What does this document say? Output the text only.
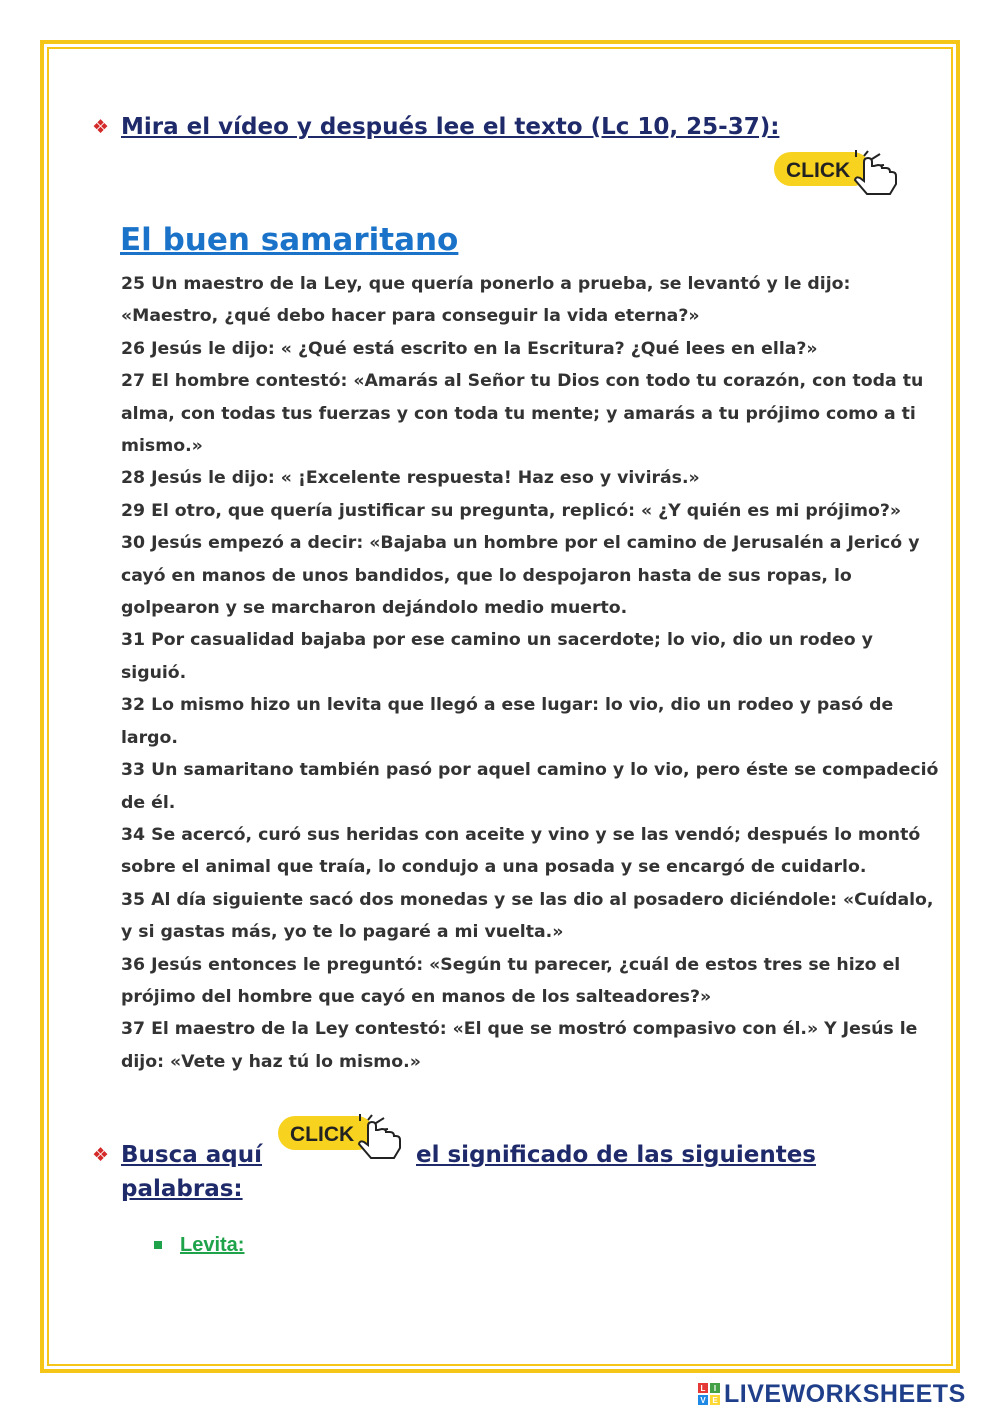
❖ Mira el vídeo y después lee el texto (Lc 10, 25-37):
CLICK
El buen samaritano

25 Un maestro de la Ley, que quería ponerlo a prueba, se levantó y le dijo: «Maestro, ¿qué debo hacer para conseguir la vida eterna?»

26 Jesús le dijo: « ¿Qué está escrito en la Escritura? ¿Qué lees en ella?»

27 El hombre contestó: «Amarás al Señor tu Dios con todo tu corazón, con toda tu alma, con todas tus fuerzas y con toda tu mente; y amarás a tu prójimo como a ti mismo.»

28 Jesús le dijo: « ¡Excelente respuesta! Haz eso y vivirás.»

29 El otro, que quería justificar su pregunta, replicó: « ¿Y quién es mi prójimo?»

30 Jesús empezó a decir: «Bajaba un hombre por el camino de Jerusalén a Jericó y cayó en manos de unos bandidos, que lo despojaron hasta de sus ropas, lo golpearon y se marcharon dejándolo medio muerto.

31 Por casualidad bajaba por ese camino un sacerdote; lo vio, dio un rodeo y siguió.

32 Lo mismo hizo un levita que llegó a ese lugar: lo vio, dio un rodeo y pasó de largo.

33 Un samaritano también pasó por aquel camino y lo vio, pero éste se compadeció de él.

34 Se acercó, curó sus heridas con aceite y vino y se las vendó; después lo montó sobre el animal que traía, lo condujo a una posada y se encargó de cuidarlo.

35 Al día siguiente sacó dos monedas y se las dio al posadero diciéndole: «Cuídalo, y si gastas más, yo te lo pagaré a mi vuelta.»

36 Jesús entonces le preguntó: «Según tu parecer, ¿cuál de estos tres se hizo el prójimo del hombre que cayó en manos de los salteadores?»

37 El maestro de la Ley contestó: «El que se mostró compasivo con él.» Y Jesús le dijo: «Vete y haz tú lo mismo.»

❖ Busca aquí
CLICK
el significado de las siguientes
palabras:
Levita:
L I
V E LIVEWORKSHEETS
